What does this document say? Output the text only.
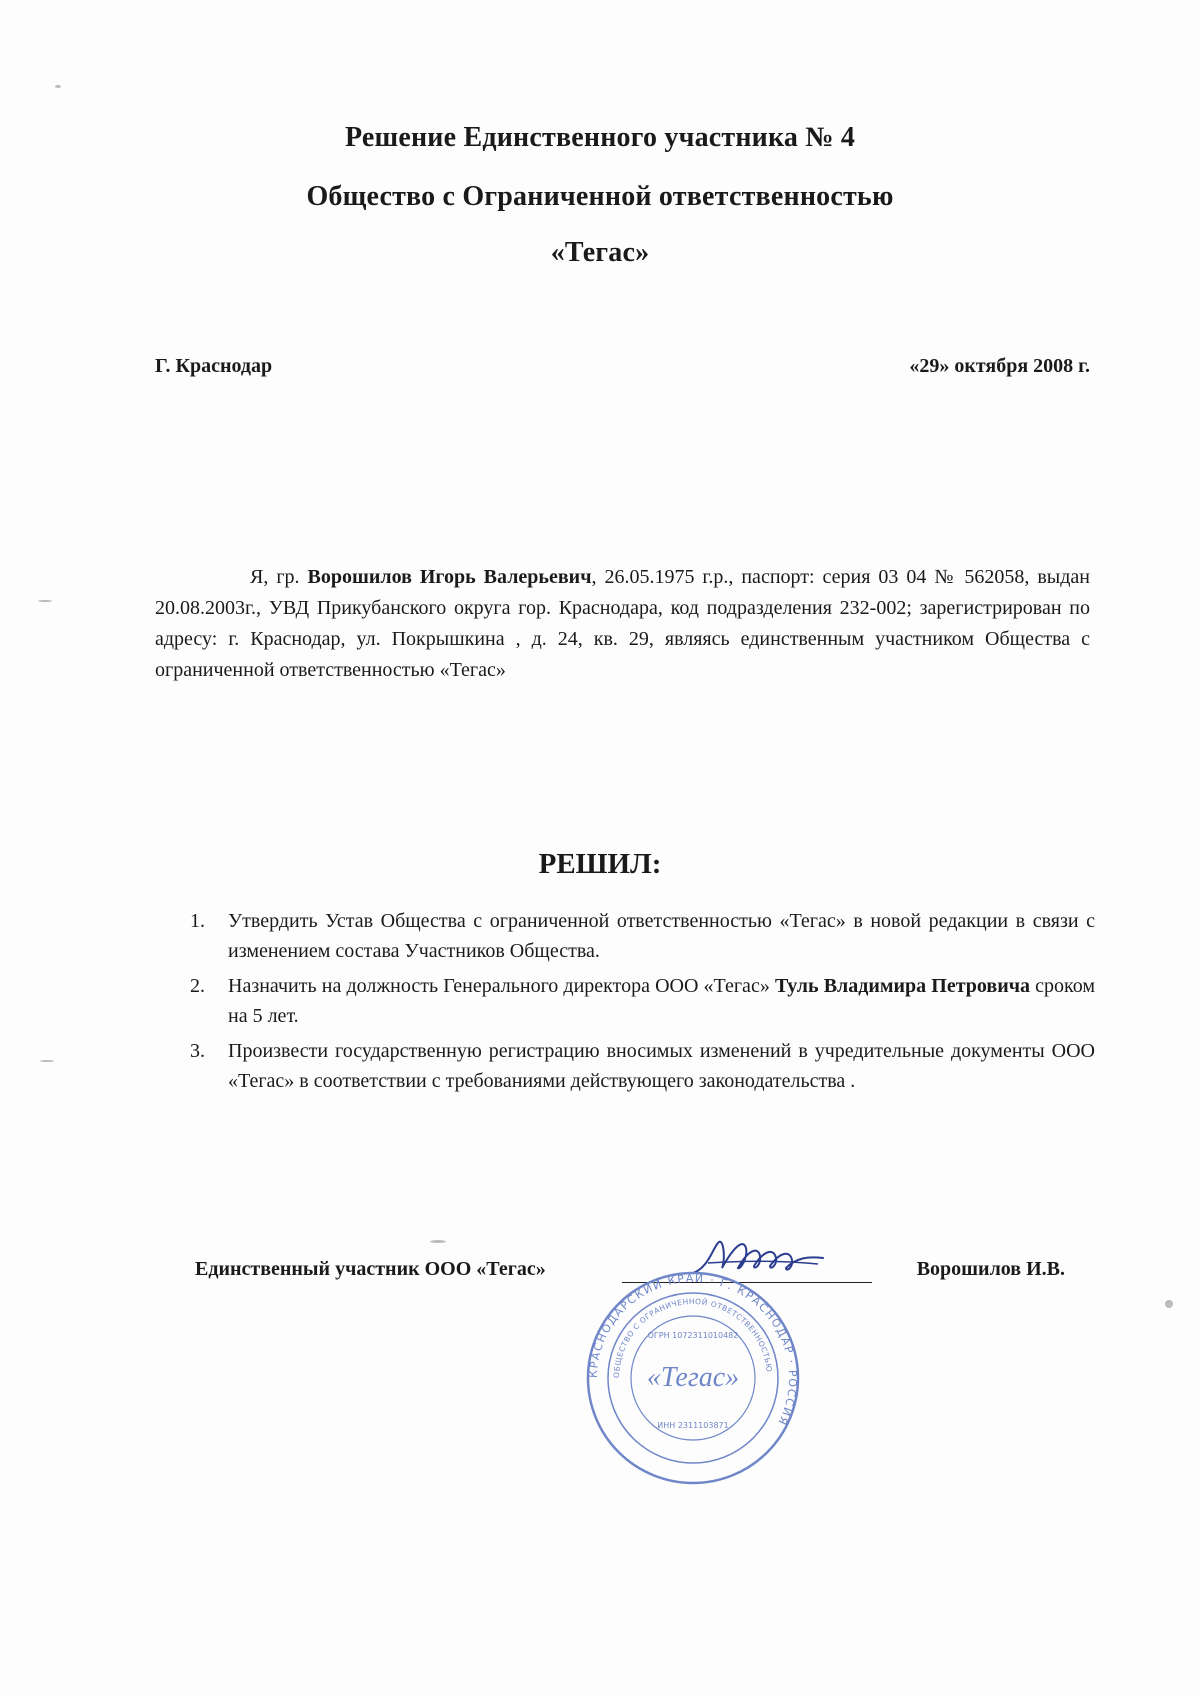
Решение Единственного участника № 4
Общество с Ограниченной ответственностью
«Тегас»
Г. Краснодар	«29» октября 2008 г.

Я, гр. Ворошилов Игорь Валерьевич, 26.05.1975 г.р., паспорт: серия 03 04 № 562058, выдан 20.08.2003г., УВД Прикубанского округа гор. Краснодара, код подразделения 232-002; зарегистрирован по адресу: г. Краснодар, ул. Покрышкина , д. 24, кв. 29, являясь единственным участником Общества с ограниченной ответственностью «Тегас»

РЕШИЛ:
1. Утвердить Устав Общества с ограниченной ответственностью «Тегас» в новой редакции в связи с изменением состава Участников Общества.
2. Назначить на должность Генерального директора ООО «Тегас» Туль Владимира Петровича сроком на 5 лет.
3. Произвести государственную регистрацию вносимых изменений в учредительные документы ООО «Тегас» в соответствии с требованиями действующего законодательства .
Единственный участник ООО «Тегас»	Ворошилов И.В.
КРАСНОДАРСКИЙ КРАЙ · Г. КРАСНОДАР · РОССИЯ
ОБЩЕСТВО С ОГРАНИЧЕННОЙ ОТВЕТСТВЕННОСТЬЮ
ОГРН 1072311010482
«Тегас»
ИНН 2311103871
